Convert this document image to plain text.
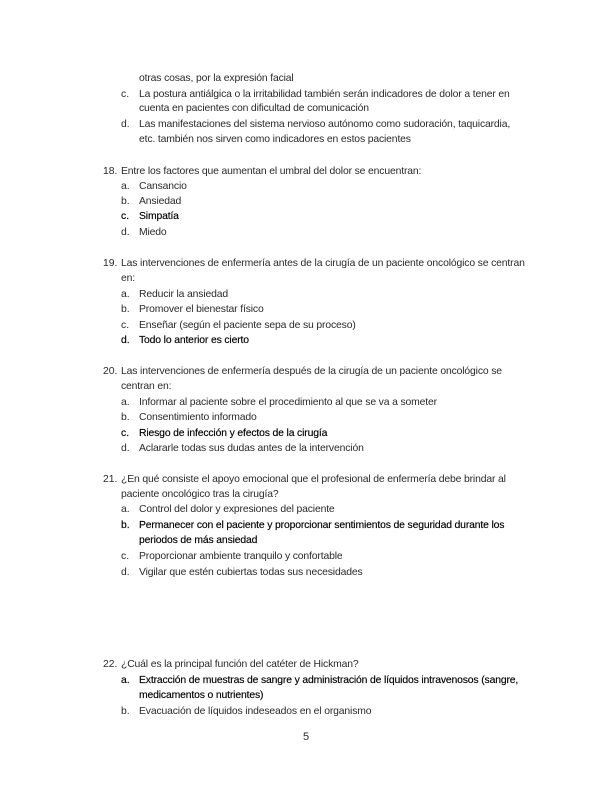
otras cosas, por la expresión facial
c. La postura antiálgica o la irritabilidad también serán indicadores de dolor a tener en
cuenta en pacientes con dificultad de comunicación
d. Las manifestaciones del sistema nervioso autónomo como sudoración, taquicardia,
etc. también nos sirven como indicadores en estos pacientes
18. Entre los factores que aumentan el umbral del dolor se encuentran:
a. Cansancio
b. Ansiedad
c. Simpatía
d. Miedo
19. Las intervenciones de enfermería antes de la cirugía de un paciente oncológico se centran
en:
a. Reducir la ansiedad
b. Promover el bienestar físico
c. Enseñar (según el paciente sepa de su proceso)
d. Todo lo anterior es cierto
20. Las intervenciones de enfermería después de la cirugía de un paciente oncológico se
centran en:
a. Informar al paciente sobre el procedimiento al que se va a someter
b. Consentimiento informado
c. Riesgo de infección y efectos de la cirugía
d. Aclararle todas sus dudas antes de la intervención
21. ¿En qué consiste el apoyo emocional que el profesional de enfermería debe brindar al
paciente oncológico tras la cirugía?
a. Control del dolor y expresiones del paciente
b. Permanecer con el paciente y proporcionar sentimientos de seguridad durante los
periodos de más ansiedad
c. Proporcionar ambiente tranquilo y confortable
d. Vigilar que estén cubiertas todas sus necesidades
22. ¿Cuál es la principal función del catéter de Hickman?
a. Extracción de muestras de sangre y administración de líquidos intravenosos (sangre,
medicamentos o nutrientes)
b. Evacuación de líquidos indeseados en el organismo
5
